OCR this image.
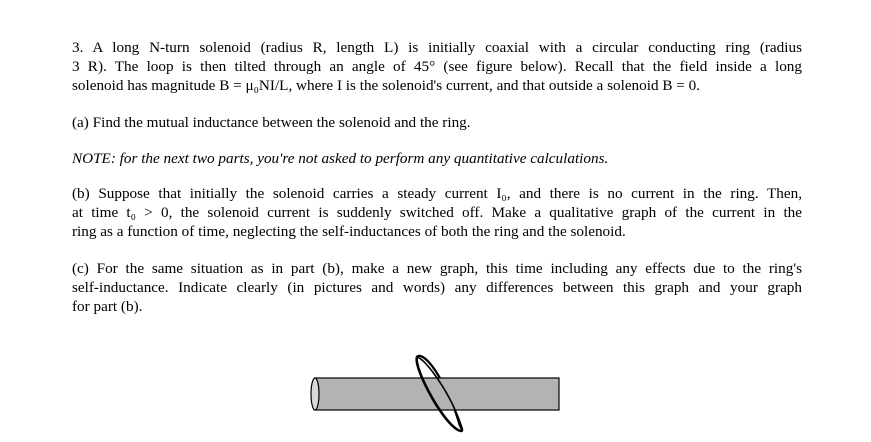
3. A long N-turn solenoid (radius R, length L) is initially coaxial with a circular conducting ring (radius
3 R). The loop is then tilted through an angle of 45° (see figure below). Recall that the field inside a long
solenoid has magnitude B = μ₀NI/L, where I is the solenoid's current, and that outside a solenoid B = 0.
(a) Find the mutual inductance between the solenoid and the ring.
NOTE: for the next two parts, you're not asked to perform any quantitative calculations.
(b) Suppose that initially the solenoid carries a steady current I₀, and there is no current in the ring. Then,
at time t₀ > 0, the solenoid current is suddenly switched off. Make a qualitative graph of the current in the
ring as a function of time, neglecting the self-inductances of both the ring and the solenoid.
(c) For the same situation as in part (b), make a new graph, this time including any effects due to the ring's
self-inductance. Indicate clearly (in pictures and words) any differences between this graph and your graph
for part (b).
